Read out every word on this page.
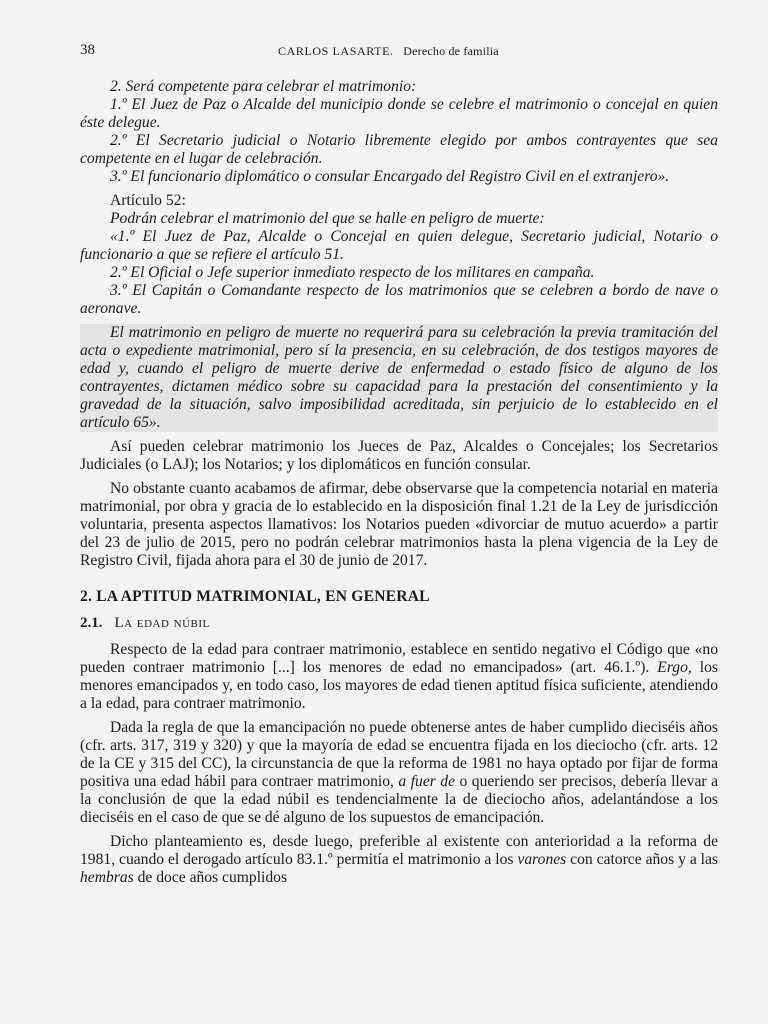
38	CARLOS LASARTE. Derecho de familia

2. Será competente para celebrar el matrimonio:

1.º El Juez de Paz o Alcalde del municipio donde se celebre el matrimonio o concejal en quien éste delegue.

2.º El Secretario judicial o Notario libremente elegido por ambos contrayentes que sea competente en el lugar de celebración.

3.º El funcionario diplomático o consular Encargado del Registro Civil en el extranjero».

Artículo 52:

Podrán celebrar el matrimonio del que se halle en peligro de muerte:

«1.º El Juez de Paz, Alcalde o Concejal en quien delegue, Secretario judicial, Notario o funcionario a que se refiere el artículo 51.

2.º El Oficial o Jefe superior inmediato respecto de los militares en campaña.

3.º El Capitán o Comandante respecto de los matrimonios que se celebren a bordo de nave o aeronave.

El matrimonio en peligro de muerte no requerirá para su celebración la previa tramitación del acta o expediente matrimonial, pero sí la presencia, en su celebración, de dos testigos mayores de edad y, cuando el peligro de muerte derive de enfermedad o estado físico de alguno de los contrayentes, dictamen médico sobre su capacidad para la prestación del consentimiento y la gravedad de la situación, salvo imposibilidad acreditada, sin perjuicio de lo establecido en el artículo 65».

Así pueden celebrar matrimonio los Jueces de Paz, Alcaldes o Concejales; los Secretarios Judiciales (o LAJ); los Notarios; y los diplomáticos en función consular.

No obstante cuanto acabamos de afirmar, debe observarse que la competencia notarial en materia matrimonial, por obra y gracia de lo establecido en la disposición final 1.21 de la Ley de jurisdicción voluntaria, presenta aspectos llamativos: los Notarios pueden «divorciar de mutuo acuerdo» a partir del 23 de julio de 2015, pero no podrán celebrar matrimonios hasta la plena vigencia de la Ley de Registro Civil, fijada ahora para el 30 de junio de 2017.

2. LA APTITUD MATRIMONIAL, EN GENERAL
2.1. La edad núbil

Respecto de la edad para contraer matrimonio, establece en sentido negativo el Código que «no pueden contraer matrimonio [...] los menores de edad no emancipados» (art. 46.1.º). Ergo, los menores emancipados y, en todo caso, los mayores de edad tienen aptitud física suficiente, atendiendo a la edad, para contraer matrimonio.

Dada la regla de que la emancipación no puede obtenerse antes de haber cumplido dieciséis años (cfr. arts. 317, 319 y 320) y que la mayoría de edad se encuentra fijada en los dieciocho (cfr. arts. 12 de la CE y 315 del CC), la circunstancia de que la reforma de 1981 no haya optado por fijar de forma positiva una edad hábil para contraer matrimonio, a fuer de o queriendo ser precisos, debería llevar a la conclusión de que la edad núbil es tendencialmente la de dieciocho años, adelantándose a los dieciséis en el caso de que se dé alguno de los supuestos de emancipación.

Dicho planteamiento es, desde luego, preferible al existente con anterioridad a la reforma de 1981, cuando el derogado artículo 83.1.º permitía el matrimonio a los varones con catorce años y a las hembras de doce años cumplidos
